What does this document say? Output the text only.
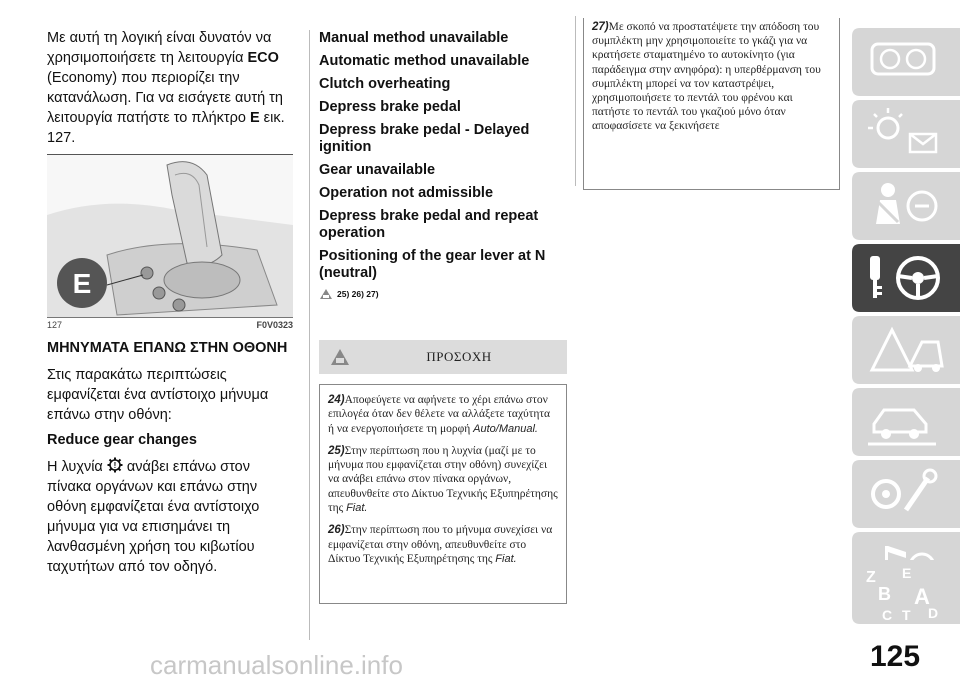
Με αυτή τη λογική είναι δυνατόν να χρησιμοποιήσετε τη λειτουργία ECO (Economy) που περιορίζει την κατανάλωση. Για να εισάγετε αυτή τη λειτουργία πατήστε το πλήκτρο E εικ. 127.

E
127	F0V0323

ΜΗΝΥΜΑΤΑ ΕΠΑΝΩ ΣΤΗΝ ΟΘΟΝΗ

Στις παρακάτω περιπτώσεις εμφανίζεται ένα αντίστοιχο μήνυμα επάνω στην οθόνη:

Reduce gear changes

Η λυχνία ! ανάβει επάνω στον πίνακα οργάνων και επάνω στην οθόνη εμφανίζεται ένα αντίστοιχο μήνυμα για να επισημάνει τη λανθασμένη χρήση του κιβωτίου ταχυτήτων από τον οδηγό.

Manual method unavailable

Automatic method unavailable

Clutch overheating

Depress brake pedal

Depress brake pedal - Delayed ignition

Gear unavailable

Operation not admissible

Depress brake pedal and repeat operation

Positioning of the gear lever at N (neutral)

25) 26) 27)
ΠΡΟΣΟΧΗ

24)Αποφεύγετε να αφήνετε το χέρι επάνω στον επιλογέα όταν δεν θέλετε να αλλάξετε ταχύτητα ή να ενεργοποιήσετε τη μορφή Auto/Manual.

25)Στην περίπτωση που η λυχνία (μαζί με το μήνυμα που εμφανίζεται στην οθόνη) συνεχίζει να ανάβει επάνω στον πίνακα οργάνων, απευθυνθείτε στο Δίκτυο Τεχνικής Εξυπηρέτησης της Fiat.

26)Στην περίπτωση που το μήνυμα συνεχίσει να εμφανίζεται στην οθόνη, απευθυνθείτε στο Δίκτυο Τεχνικής Εξυπηρέτησης της Fiat.

27)Με σκοπό να προστατέψετε την απόδοση του συμπλέκτη μην χρησιμοποιείτε το γκάζι για να κρατήσετε σταματημένο το αυτοκίνητο (για παράδειγμα στην ανηφόρα): η υπερθέρμανση του συμπλέκτη μπορεί να τον καταστρέψει, χρησιμοποιήσετε το πεντάλ του φρένου και πατήστε το πεντάλ του γκαζιού μόνο όταν αποφασίσετε να ξεκινήσετε

Z E
B A
C T D
125
carmanualsonline.info
